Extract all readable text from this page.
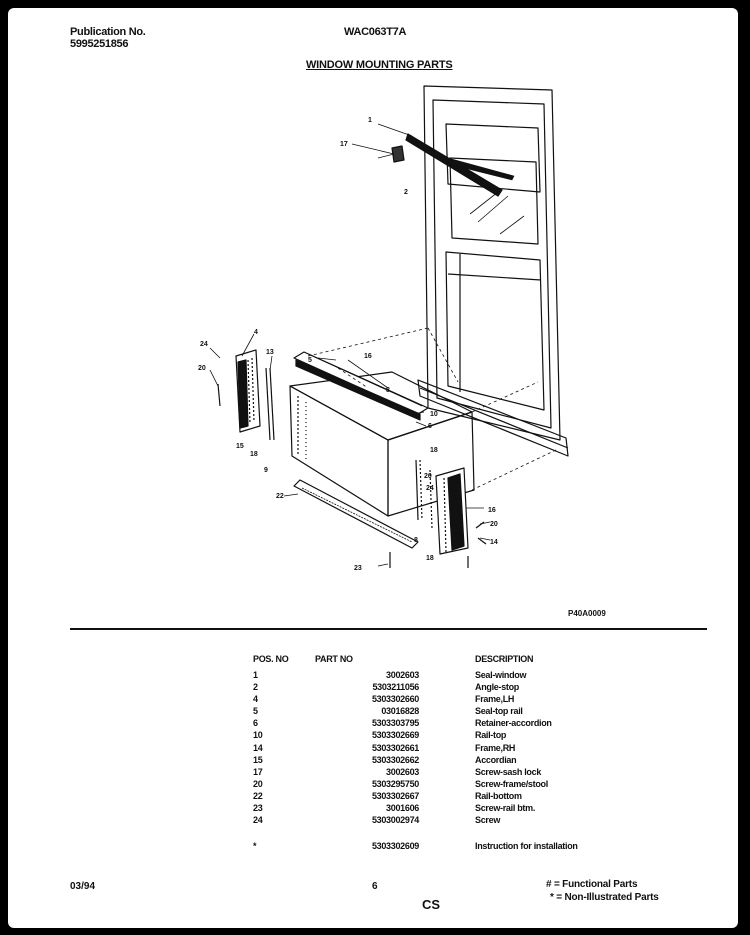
Publication No.
5995251856
WAC063T7A
WINDOW MOUNTING PARTS
1
17
2
24
4
13
20
16
5
8
10
6
15
18
9
18
20
24
22
16
20
14
8
18
23
P40A0009
POS. NO	PART NO	DESCRIPTION
1	3002603	Seal-window
2	5303211056	Angle-stop
4	5303302660	Frame,LH
5	03016828	Seal-top rail
6	5303303795	Retainer-accordion
10	5303302669	Rail-top
14	5303302661	Frame,RH
15	5303302662	Accordian
17	3002603	Screw-sash lock
20	5303295750	Screw-frame/stool
22	5303302667	Rail-bottom
23	3001606	Screw-rail btm.
24	5303002974	Screw
*	5303302609	Instruction for installation
03/94	6
CS
# = Functional Parts
* = Non-Illustrated Parts
